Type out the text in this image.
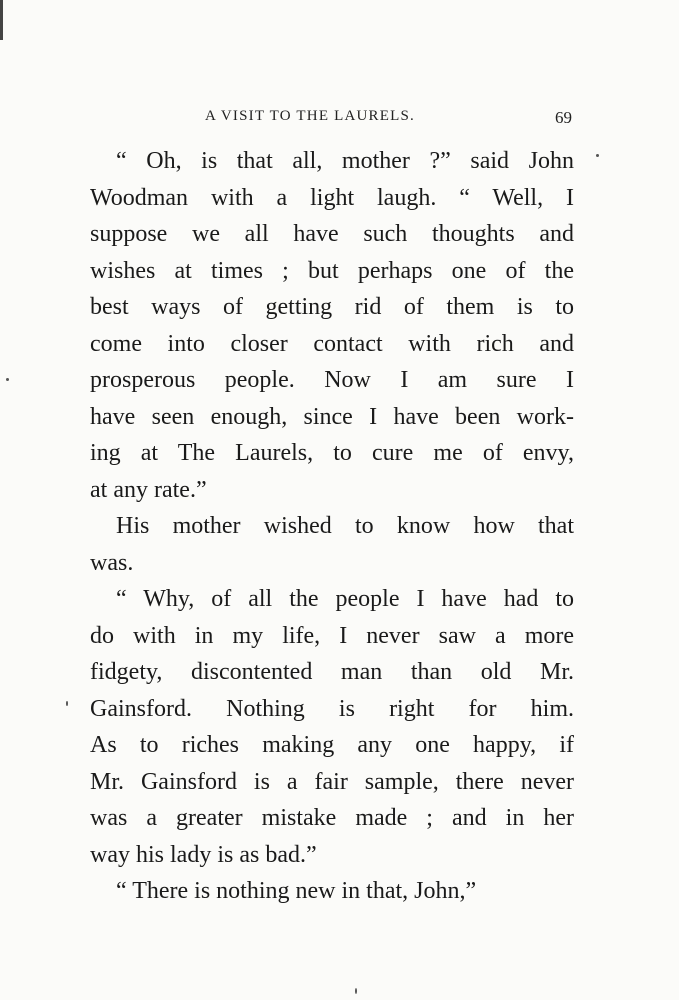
A VISIT TO THE LAURELS.	69
“ Oh, is that all, mother ?” said John
Woodman with a light laugh. “ Well, I
suppose we all have such thoughts and
wishes at times ; but perhaps one of the
best ways of getting rid of them is to
come into closer contact with rich and
prosperous people. Now I am sure I
have seen enough, since I have been work-
ing at The Laurels, to cure me of envy,
at any rate.”
His mother wished to know how that
was.
“ Why, of all the people I have had to
do with in my life, I never saw a more
fidgety, discontented man than old Mr.
Gainsford. Nothing is right for him.
As to riches making any one happy, if
Mr. Gainsford is a fair sample, there never
was a greater mistake made ; and in her
way his lady is as bad.”
“ There is nothing new in that, John,”
